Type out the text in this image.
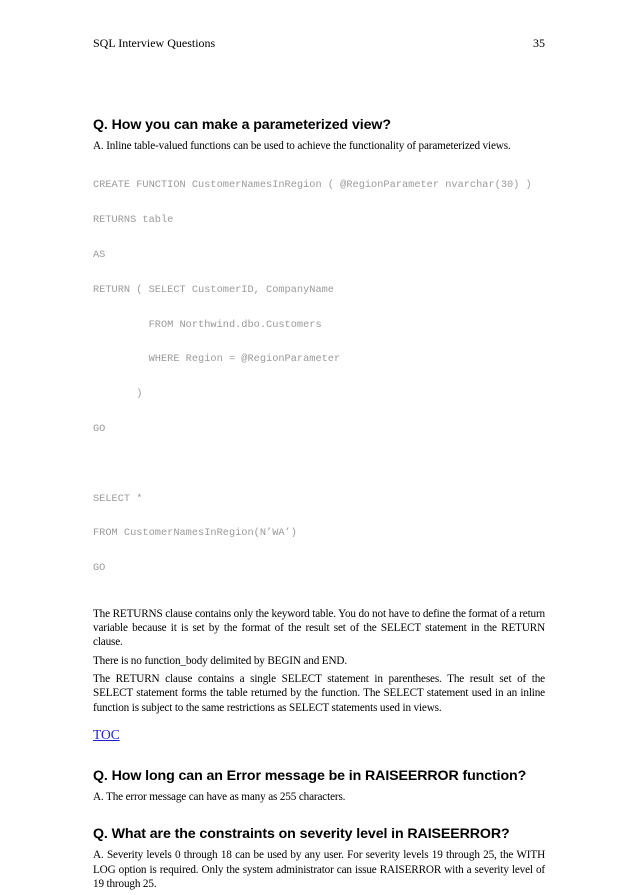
SQL Interview Questions	35
Q. How you can make a parameterized view?
A. Inline table-valued functions can be used to achieve the functionality of parameterized views.

CREATE FUNCTION CustomerNamesInRegion ( @RegionParameter nvarchar(30) )

RETURNS table

AS

RETURN ( SELECT CustomerID, CompanyName

FROM Northwind.dbo.Customers

WHERE Region = @RegionParameter

)

GO

SELECT *

FROM CustomerNamesInRegion(N’WA’)

GO

The RETURNS clause contains only the keyword table. You do not have to define the format of a return variable because it is set by the format of the result set of the SELECT statement in the RETURN clause.
There is no function_body delimited by BEGIN and END.
The RETURN clause contains a single SELECT statement in parentheses. The result set of the SELECT statement forms the table returned by the function. The SELECT statement used in an inline function is subject to the same restrictions as SELECT statements used in views.
TOC
Q. How long can an Error message be in RAISEERROR function?
A. The error message can have as many as 255 characters.
Q. What are the constraints on severity level in RAISEERROR?
A. Severity levels 0 through 18 can be used by any user. For severity levels 19 through 25, the WITH LOG option is required. Only the system administrator can issue RAISERROR with a severity level of 19 through 25.
